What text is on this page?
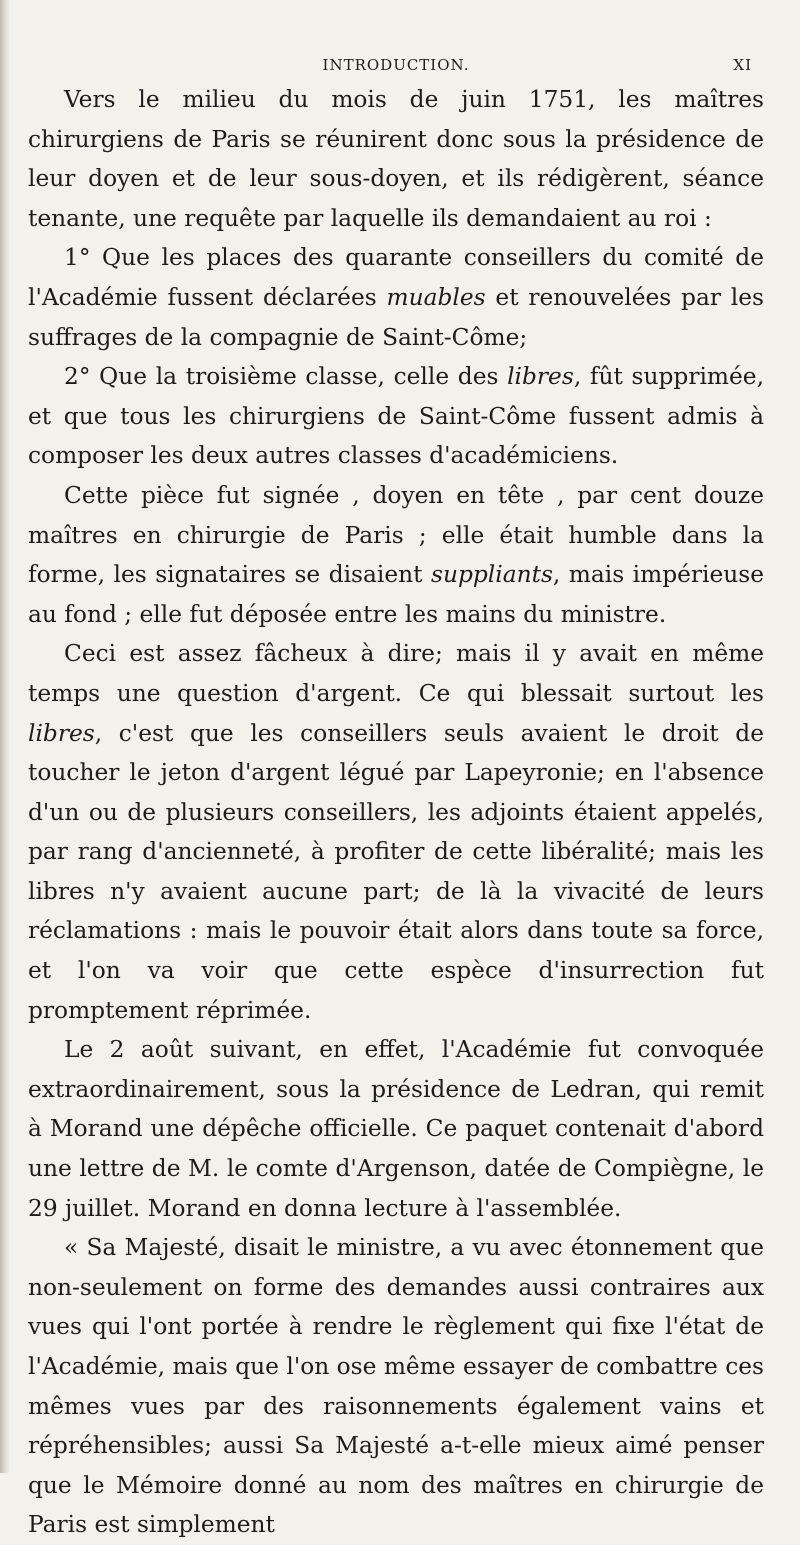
INTRODUCTION.	XI

Vers le milieu du mois de juin 1751, les maîtres chirurgiens de Paris se réunirent donc sous la présidence de leur doyen et de leur sous-doyen, et ils rédigèrent, séance tenante, une requête par laquelle ils demandaient au roi :

1° Que les places des quarante conseillers du comité de l'Académie fussent déclarées muables et renouvelées par les suffrages de la compagnie de Saint-Côme;

2° Que la troisième classe, celle des libres, fût supprimée, et que tous les chirurgiens de Saint-Côme fussent admis à composer les deux autres classes d'académiciens.

Cette pièce fut signée , doyen en tête , par cent douze maîtres en chirurgie de Paris ; elle était humble dans la forme, les signataires se disaient suppliants, mais impérieuse au fond ; elle fut déposée entre les mains du ministre.

Ceci est assez fâcheux à dire; mais il y avait en même temps une question d'argent. Ce qui blessait surtout les libres, c'est que les conseillers seuls avaient le droit de toucher le jeton d'argent légué par Lapeyronie; en l'absence d'un ou de plusieurs conseillers, les adjoints étaient appelés, par rang d'ancienneté, à profiter de cette libéralité; mais les libres n'y avaient aucune part; de là la vivacité de leurs réclamations : mais le pouvoir était alors dans toute sa force, et l'on va voir que cette espèce d'insurrection fut promptement réprimée.

Le 2 août suivant, en effet, l'Académie fut convoquée extraordinairement, sous la présidence de Ledran, qui remit à Morand une dépêche officielle. Ce paquet contenait d'abord une lettre de M. le comte d'Argenson, datée de Compiègne, le 29 juillet. Morand en donna lecture à l'assemblée.

« Sa Majesté, disait le ministre, a vu avec étonnement que non-seulement on forme des demandes aussi contraires aux vues qui l'ont portée à rendre le règlement qui fixe l'état de l'Académie, mais que l'on ose même essayer de combattre ces mêmes vues par des raisonnements également vains et répréhensibles; aussi Sa Majesté a-t-elle mieux aimé penser que le Mémoire donné au nom des maîtres en chirurgie de Paris est simplement
